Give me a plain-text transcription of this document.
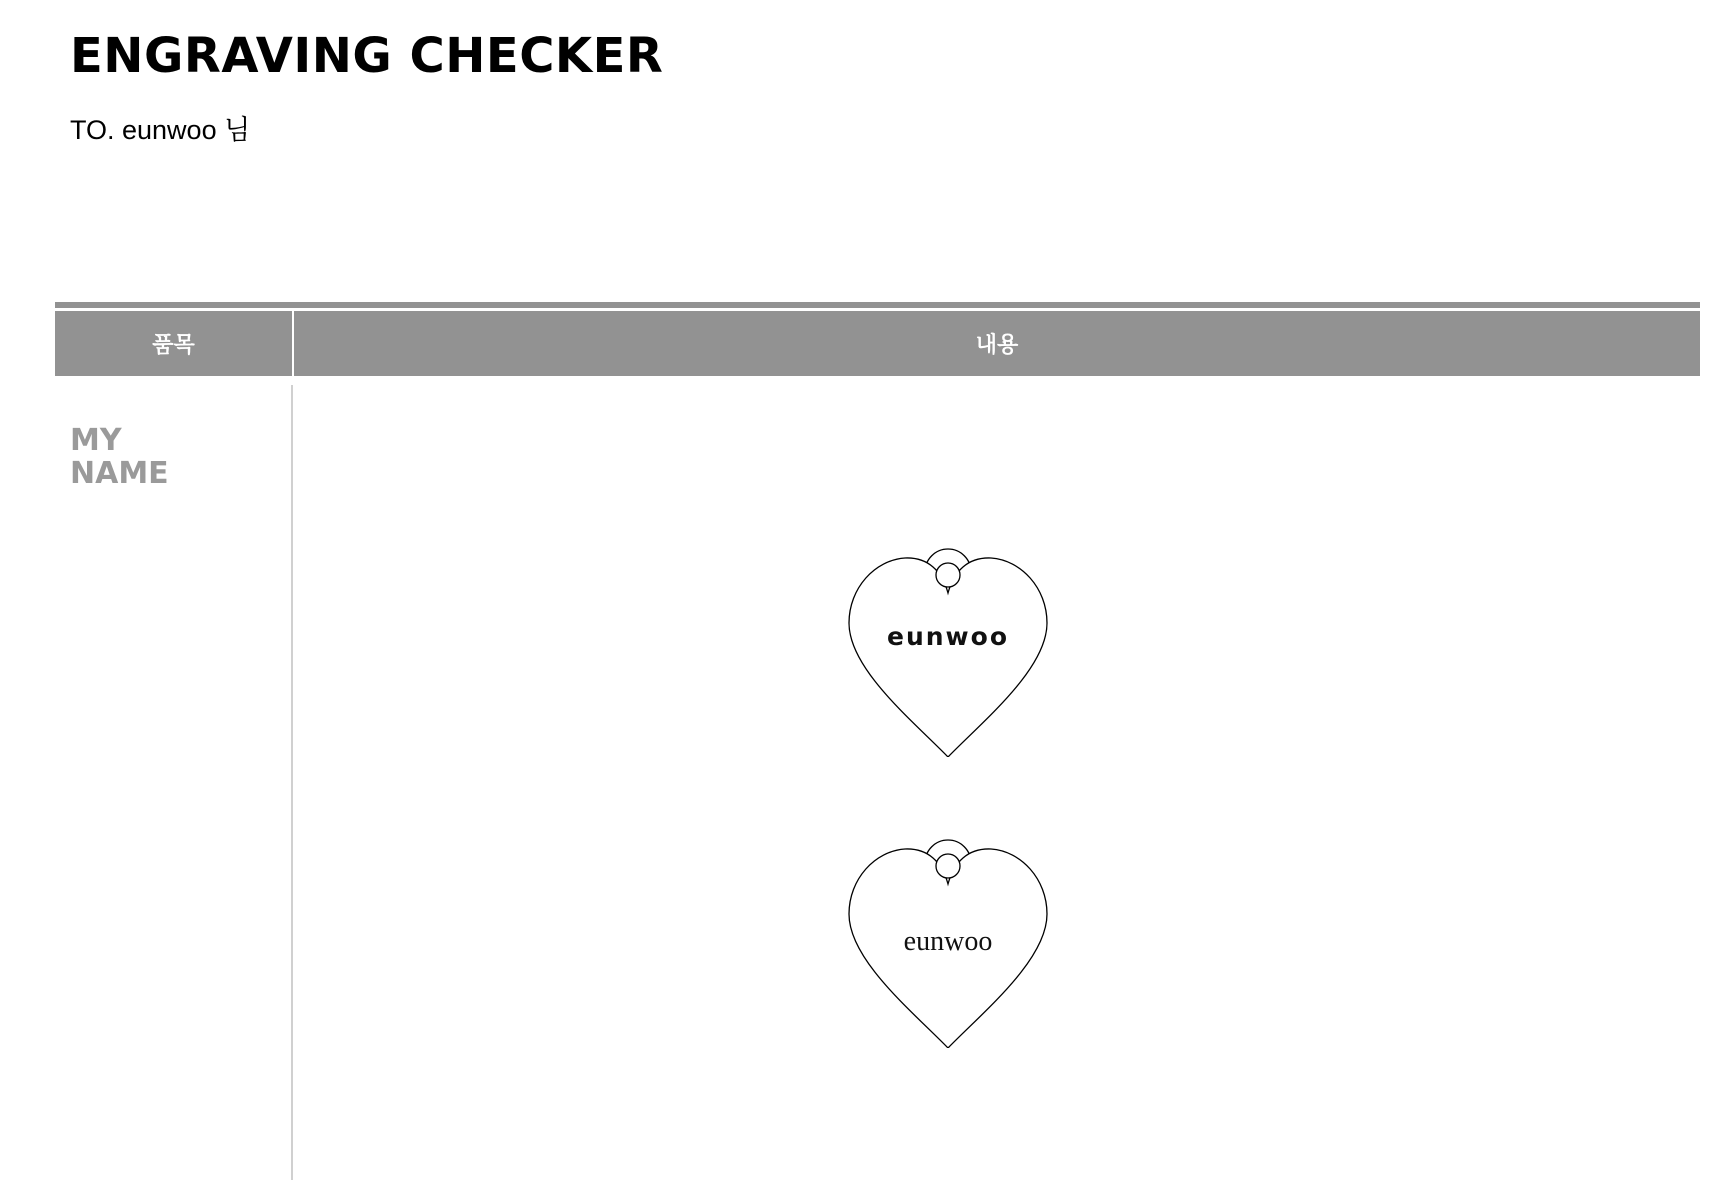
ENGRAVING CHECKER
TO. eunwoo 님
품목	내용
MY
NAME
eunwoo
eunwoo
